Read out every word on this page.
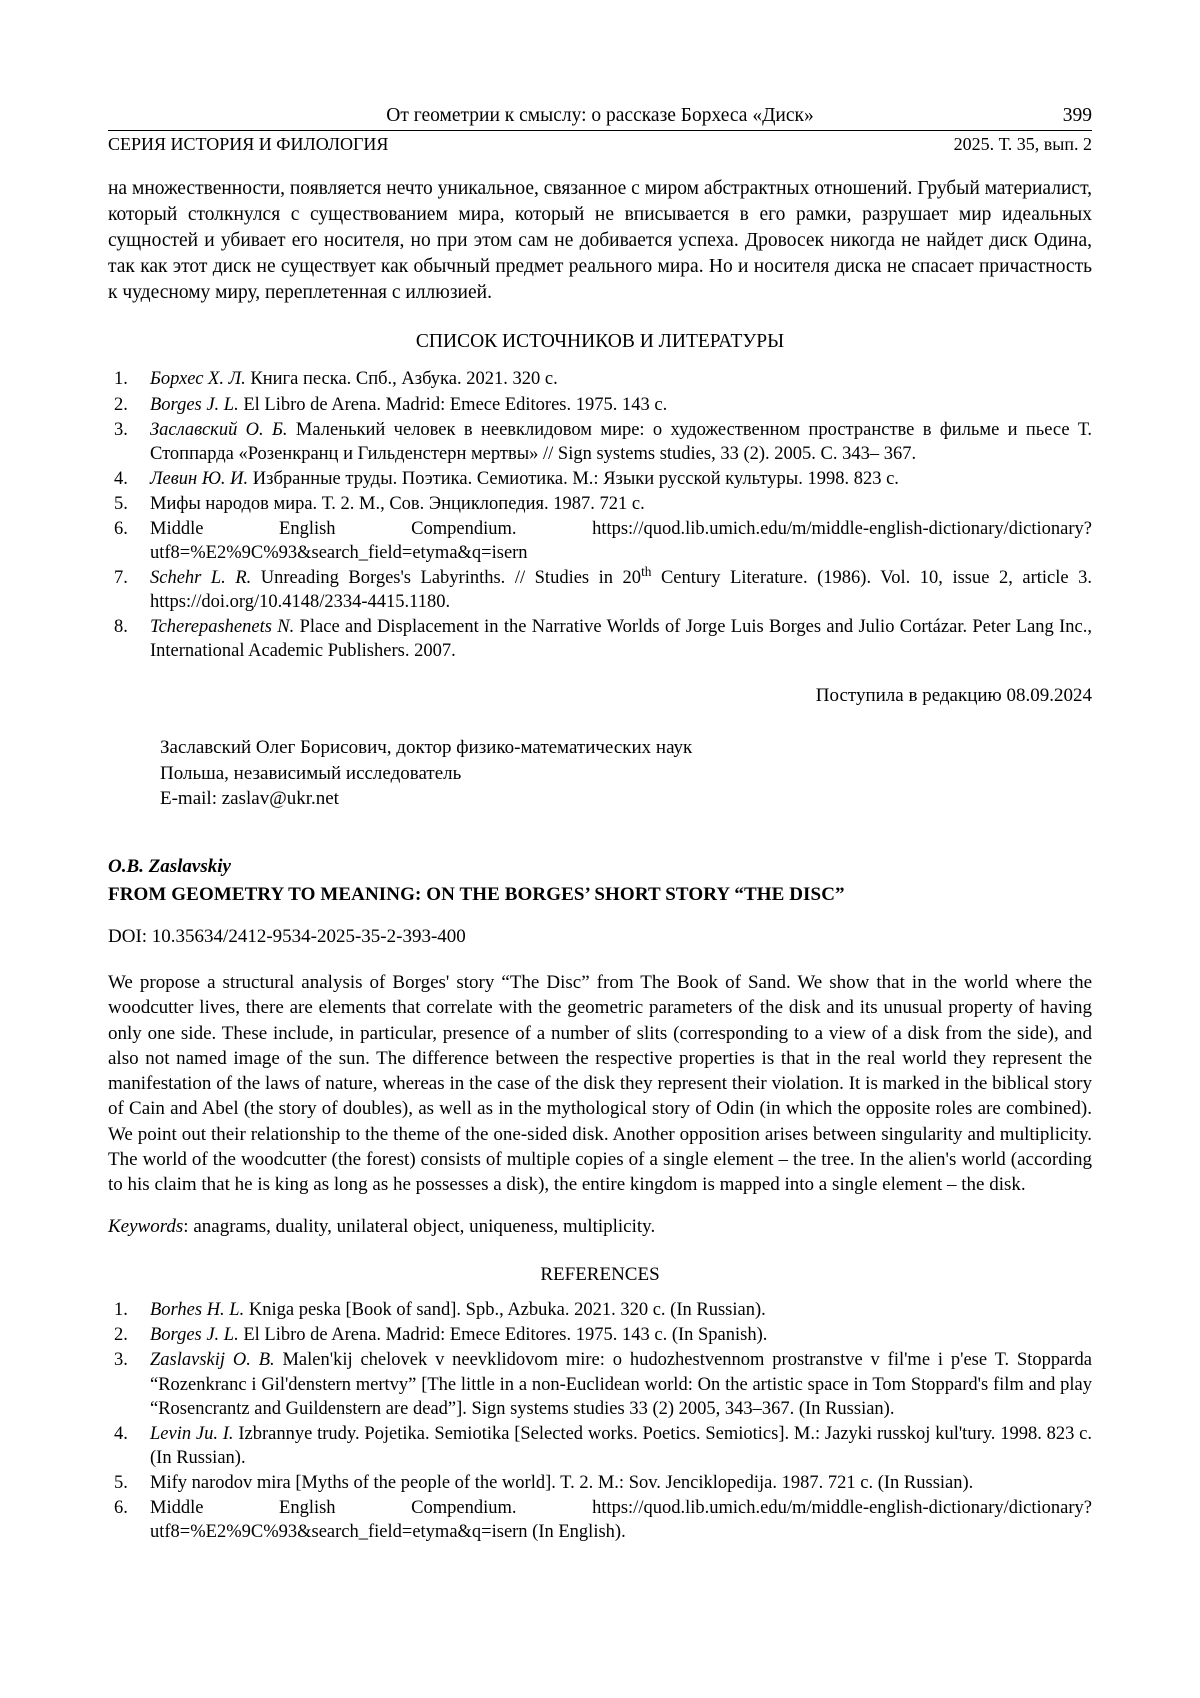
От геометрии к смыслу: о рассказе Борхеса «Диск»	399
СЕРИЯ ИСТОРИЯ И ФИЛОЛОГИЯ	2025. Т. 35, вып. 2

на множественности, появляется нечто уникальное, связанное с миром абстрактных отношений. Грубый материалист, который столкнулся с существованием мира, который не вписывается в его рамки, разрушает мир идеальных сущностей и убивает его носителя, но при этом сам не добивается успеха. Дровосек никогда не найдет диск Одина, так как этот диск не существует как обычный предмет реального мира. Но и носителя диска не спасает причастность к чудесному миру, переплетенная с иллюзией.

СПИСОК ИСТОЧНИКОВ И ЛИТЕРАТУРЫ
1.	Борхес Х. Л. Книга песка. Спб., Азбука. 2021. 320 с.
2.	Borges J. L. El Libro de Arena. Madrid: Emece Editores. 1975. 143 c.
3.	Заславский О. Б. Маленький человек в неевклидовом мире: о художественном пространстве в фильме и пьесе Т. Стоппарда «Розенкранц и Гильденстерн мертвы» // Sign systems studies, 33 (2). 2005. С. 343– 367.
4.	Левин Ю. И. Избранные труды. Поэтика. Семиотика. М.: Языки русской культуры. 1998. 823 с.
5.	Мифы народов мира. Т. 2. М., Сов. Энциклопедия. 1987. 721 с.
6.	Middle English Compendium. https://quod.lib.umich.edu/m/middle-english-dictionary/dictionary?utf8=%E2%9C%93&search_field=etyma&q=isern
7.	Schehr L. R. Unreading Borges's Labyrinths. // Studies in 20th Century Literature. (1986). Vol. 10, issue 2, article 3. https://doi.org/10.4148/2334-4415.1180.
8.	Tcherepashenets N. Place and Displacement in the Narrative Worlds of Jorge Luis Borges and Julio Cortázar. Peter Lang Inc., International Academic Publishers. 2007.
Поступила в редакцию 08.09.2024
Заславский Олег Борисович, доктор физико-математических наук
Польша, независимый исследователь
E-mail: zaslav@ukr.net
O.B. Zaslavskiy
FROM GEOMETRY TO MEANING: ON THE BORGES’ SHORT STORY “THE DISC”
DOI: 10.35634/2412-9534-2025-35-2-393-400

We propose a structural analysis of Borges' story “The Disc” from The Book of Sand. We show that in the world where the woodcutter lives, there are elements that correlate with the geometric parameters of the disk and its unusual property of having only one side. These include, in particular, presence of a number of slits (corresponding to a view of a disk from the side), and also not named image of the sun. The difference between the respective properties is that in the real world they represent the manifestation of the laws of nature, whereas in the case of the disk they represent their violation. It is marked in the biblical story of Cain and Abel (the story of doubles), as well as in the mythological story of Odin (in which the opposite roles are combined). We point out their relationship to the theme of the one-sided disk. Another opposition arises between singularity and multiplicity. The world of the woodcutter (the forest) consists of multiple copies of a single element – the tree. In the alien's world (according to his claim that he is king as long as he possesses a disk), the entire kingdom is mapped into a single element – the disk.

Keywords: anagrams, duality, unilateral object, uniqueness, multiplicity.
REFERENCES
1.	Borhes H. L. Kniga peska [Book of sand]. Spb., Azbuka. 2021. 320 c. (In Russian).
2.	Borges J. L. El Libro de Arena. Madrid: Emece Editores. 1975. 143 c. (In Spanish).
3.	Zaslavskij O. B. Malen'kij chelovek v neevklidovom mire: o hudozhestvennom prostranstve v fil'me i p'ese T. Stopparda “Rozenkranc i Gil'denstern mertvy” [The little in a non-Euclidean world: On the artistic space in Tom Stoppard's film and play “Rosencrantz and Guildenstern are dead”]. Sign systems studies 33 (2) 2005, 343–367. (In Russian).
4.	Levin Ju. I. Izbrannye trudy. Pojetika. Semiotika [Selected works. Poetics. Semiotics]. M.: Jazyki russkoj kul'tury. 1998. 823 c. (In Russian).
5.	Mify narodov mira [Myths of the people of the world]. T. 2. M.: Sov. Jenciklopedija. 1987. 721 c. (In Russian).
6.	Middle English Compendium. https://quod.lib.umich.edu/m/middle-english-dictionary/dictionary?utf8=%E2%9C%93&search_field=etyma&q=isern (In English).
